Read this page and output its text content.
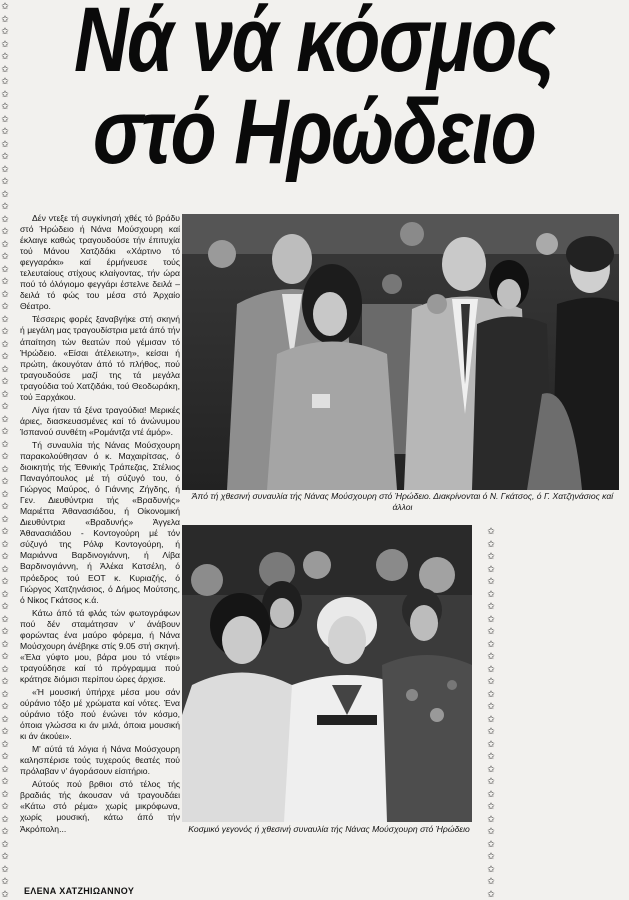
✩
✩
✩
✩
✩
✩
✩
✩
✩
✩
✩
✩
✩
✩
✩
✩
✩
✩
✩
✩
✩
✩
✩
✩
✩
✩
✩
✩
✩
✩
✩
✩
✩
✩
✩
✩
✩
✩
✩
✩
✩
✩
✩
✩
✩
✩
✩
✩
✩
✩
✩
✩
✩
✩
✩
✩
✩
✩
✩
✩
✩
✩
✩
✩
✩
✩
✩
✩
✩
✩
✩
✩
✩
✩
✩
✩
✩
✩
✩
✩
✩
✩
✩
✩
✩
✩
✩
✩
✩
✩
✩
✩
✩
✩
✩
✩
✩
✩
✩
✩
✩
✩
Νά νά κόσμος
στό Ηρώδειο

Δέν ντεξε τή συγκίνησή χθές τό βράδυ στό Ήρώδειο ή Νάνα Μούσχουρη καί έκλαιγε καθώς τραγουδούσε τήν έπιτυχία τού Μάνου Χατζιδάκι «Χάρτινο τό φεγγαράκι» καί έρμήνευσε τούς τελευταίους στίχους κλαίγοντας, τήν ώρα πού τό όλόγιομο φεγγάρι έστελνε δειλά – δειλά τό φώς του μέσα στό Άρχαίο Θέατρο.

Τέσσερις φορές ξαναβγήκε στή σκηνή ή μεγάλη μας τραγουδίστρια μετά άπό τήν άπαίτηση τών θεατών πού γέμισαν τό Ήρώδειο. «Είσαι άτέλειωτη», κείσαι ή πρώτη, άκουγόταν άπό τό πλήθος, πού τραγουδούσε μαζί της τά μεγάλα τραγούδια τού Χατζιδάκι, τού Θεοδωράκη, τού Ξαρχάκου.

Λίγα ήταν τά ξένα τραγούδια! Μερικές άριες, διασκευασμένες καί τό άνώνυμου Ίσπανού συνθέτη «Ρομάντζα ντέ άμόρ».

Τή συναυλία τής Νάνας Μούσχουρη παρακολούθησαν ό κ. Μαχαιρίτσας, ό διοικητής τής Έθνικής Τράπεζας, Στέλιος Παναγόπουλος μέ τή σύζυγό του, ό Γιώργος Μαύρος, ό Γιάννης Ζήγδης, ή Γεν. Διευθύντρια τής «Βραδυνής» Μαριέττα Άθανασιάδου, ή Οίκονομική Διευθύντρια «Βραδυνής» Άγγελα Άθανασιάδου - Κοντογούρη μέ τόν σύζυγό της Ρόλφ Κοντογούρη, ή Μαριάννα Βαρδινογιάννη, ή Λίβα Βαρδινογιάννη, ή Άλέκα Κατσέλη, ό πρόεδρος τού ΕΟΤ κ. Κυριαζής, ό Γιώργος Χατζηνάσιος, ό Δήμος Μούτσης, ό Νίκος Γκάτσος κ.ά.

Κάτω άπό τά φλάς τών φωτογράφων πού δέν σταμάτησαν ν' άνάβουν φορώντας ένα μαύρο φόρεμα, ή Νάνα Μούσχουρη άνέβηκε στίς 9.05 στή σκηνή. «Έλα γύφτο μου, βάρα μου τό ντέφι» τραγούδησε καί τό πρόγραμμα πού κράτησε διόμισι περίπου ώρες άρχισε.

«Ή μουσική ύπήρχε μέσα μου σάν ούράνιο τόξο μέ χρώματα καί νότες. Ένα ούράνιο τόξο πού ένώνει τόν κόσμο, όποια γλώσσα κι άν μιλά, όποια μουσική κι άν άκούει».

Μ' αύτά τά λόγια ή Νάνα Μούσχουρη καλησπέρισε τούς τυχερούς θεατές πού πρόλαβαν ν' άγοράσουν είσιτήριο.

Αύτούς πού βρθιοι στό τέλος τής βραδιάς τής άκουσαν νά τραγουδάει «Κάτω στό ρέμα» χωρίς μικρόφωνα, χωρίς μουσική, κάτω άπό τήν Άκρόπολη...

ΕΛΕΝΑ ΧΑΤΖΗΙΩΑΝΝΟΥ
Άπό τή χθεσινή συναυλία τής Νάνας Μούσχουρη στό Ήρώδειο. Διακρίνονται ό Ν. Γκάτσος, ό Γ. Χατζηνάσιος καί άλλοι
Κοσμικό γεγονός ή χθεσινή συναυλία τής Νάνας Μούσχουρη στό Ήρώδειο
